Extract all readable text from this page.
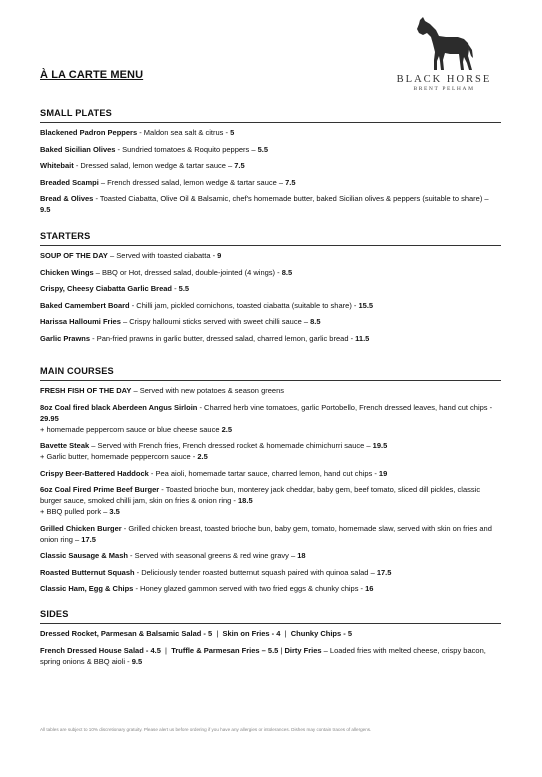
À LA CARTE MENU	BLACK HORSE
BRENT PELHAM
SMALL PLATES
Blackened Padron Peppers - Maldon sea salt & citrus - 5
Baked Sicilian Olives - Sundried tomatoes & Roquito peppers – 5.5
Whitebait - Dressed salad, lemon wedge & tartar sauce – 7.5
Breaded Scampi – French dressed salad, lemon wedge & tartar sauce – 7.5
Bread & Olives - Toasted Ciabatta, Olive Oil & Balsamic, chef's homemade butter, baked Sicilian olives & peppers (suitable to share) – 9.5
STARTERS
SOUP OF THE DAY – Served with toasted ciabatta - 9
Chicken Wings – BBQ or Hot, dressed salad, double-jointed (4 wings) - 8.5
Crispy, Cheesy Ciabatta Garlic Bread - 5.5
Baked Camembert Board - Chilli jam, pickled cornichons, toasted ciabatta (suitable to share) - 15.5
Harissa Halloumi Fries – Crispy halloumi sticks served with sweet chilli sauce – 8.5
Garlic Prawns - Pan-fried prawns in garlic butter, dressed salad, charred lemon, garlic bread - 11.5
MAIN COURSES
FRESH FISH OF THE DAY – Served with new potatoes & season greens
8oz Coal fired black Aberdeen Angus Sirloin - Charred herb vine tomatoes, garlic Portobello, French dressed leaves, hand cut chips - 29.95
+ homemade peppercorn sauce or blue cheese sauce 2.5
Bavette Steak – Served with French fries, French dressed rocket & homemade chimichurri sauce – 19.5
+ Garlic butter, homemade peppercorn sauce - 2.5
Crispy Beer-Battered Haddock - Pea aioli, homemade tartar sauce, charred lemon, hand cut chips - 19
6oz Coal Fired Prime Beef Burger - Toasted brioche bun, monterey jack cheddar, baby gem, beef tomato, sliced dill pickles, classic burger sauce, smoked chilli jam, skin on fries & onion ring - 18.5
+ BBQ pulled pork – 3.5
Grilled Chicken Burger - Grilled chicken breast, toasted brioche bun, baby gem, tomato, homemade slaw, served with skin on fries and onion ring – 17.5
Classic Sausage & Mash - Served with seasonal greens & red wine gravy – 18
Roasted Butternut Squash - Deliciously tender roasted butternut squash paired with quinoa salad – 17.5
Classic Ham, Egg & Chips - Honey glazed gammon served with two fried eggs & chunky chips - 16
SIDES
Dressed Rocket, Parmesan & Balsamic Salad - 5  |  Skin on Fries - 4  |  Chunky Chips - 5
French Dressed House Salad - 4.5  |  Truffle & Parmesan Fries – 5.5 | Dirty Fries – Loaded fries with melted cheese, crispy bacon, spring onions & BBQ aioli - 9.5
All tables are subject to 10% discretionary gratuity. Please alert us before ordering if you have any allergies or intolerances. Dishes may contain traces of allergens.
